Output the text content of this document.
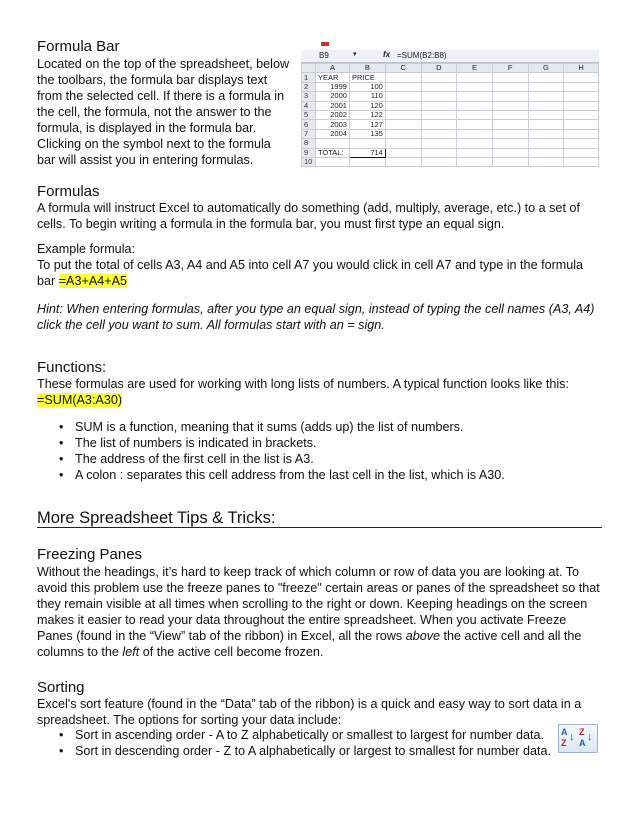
Formula Bar

Located on the top of the spreadsheet, below
the toolbars, the formula bar displays text
from the selected cell. If there is a formula in
the cell, the formula, not the answer to the
formula, is displayed in the formula bar.
Clicking on the symbol next to the formula
bar will assist you in entering formulas.

B9	▾	fx =SUM(B2:B8)
	A	B	C	D	E	F	G	H
1	YEAR	PRICE						
2	1999	100						
3	2000	110						
4	2001	120						
5	2002	122						
6	2003	127						
7	2004	135						
8								
9	TOTAL:	714						
10								
Formulas

A formula will instruct Excel to automatically do something (add, multiply, average, etc.) to a set of
cells. To begin writing a formula in the formula bar, you must first type an equal sign.

Example formula:
To put the total of cells A3, A4 and A5 into cell A7 you would click in cell A7 and type in the formula
bar =A3+A4+A5

Hint: When entering formulas, after you type an equal sign, instead of typing the cell names (A3, A4)
click the cell you want to sum. All formulas start with an = sign.

Functions:

These formulas are used for working with long lists of numbers. A typical function looks like this:
=SUM(A3:A30)

• SUM is a function, meaning that it sums (adds up) the list of numbers.
• The list of numbers is indicated in brackets.
• The address of the first cell in the list is A3.
• A colon : separates this cell address from the last cell in the list, which is A30.
More Spreadsheet Tips & Tricks:
Freezing Panes

Without the headings, it’s hard to keep track of which column or row of data you are looking at. To
avoid this problem use the freeze panes to "freeze" certain areas or panes of the spreadsheet so that
they remain visible at all times when scrolling to the right or down. Keeping headings on the screen
makes it easier to read your data throughout the entire spreadsheet. When you activate Freeze
Panes (found in the “View” tab of the ribbon) in Excel, all the rows above the active cell and all the
columns to the left of the active cell become frozen.

Sorting

Excel's sort feature (found in the “Data” tab of the ribbon) is a quick and easy way to sort data in a
spreadsheet. The options for sorting your data include:

• Sort in ascending order - A to Z alphabetically or smallest to largest for number data.
• Sort in descending order - Z to A alphabetically or largest to smallest for number data.
A
Z ↓ Z
A ↓
